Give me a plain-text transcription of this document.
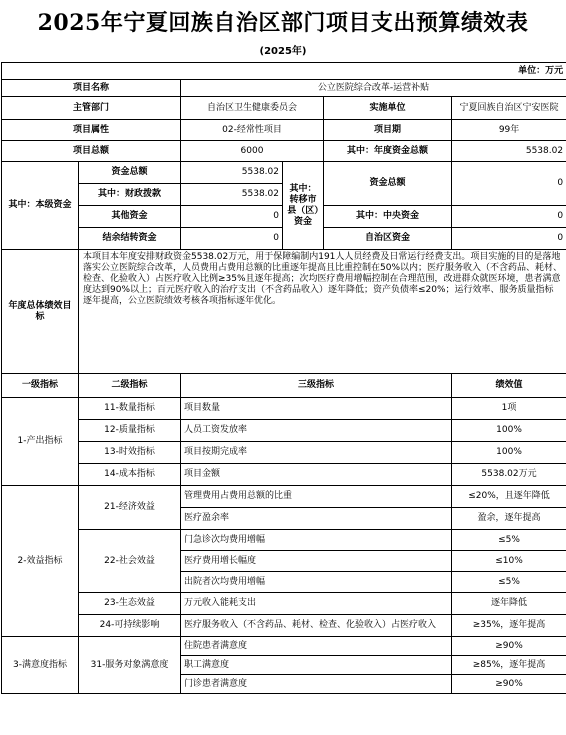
2025年宁夏回族自治区部门项目支出预算绩效表
(2025年)
单位：万元					
项目名称		公立医院综合改革-运营补贴			
主管部门		自治区卫生健康委员会		实施单位	宁夏回族自治区宁安医院
项目属性		02-经常性项目		项目期	99年
项目总额		6000		其中：年度资金总额	5538.02
其中：本级资金	资金总额	5538.02	其中：转移市县（区）资金	资金总额	0
	其中：财政拨款	5538.02			
	其他资金	0		其中：中央资金	0
	结余结转资金	0		自治区资金	0
年度总体绩效目标	本项目本年度安排财政资金5538.02万元，用于保障编制内191人人员经费及日常运行经费支出。项目实施的目的是落地落实公立医院综合改革，人员费用占费用总额的比重逐年提高且比重控制在50%以内；医疗服务收入（不含药品、耗材、检查、化验收入）占医疗收入比例≥35%且逐年提高；次均医疗费用增幅控制在合理范围，改进群众就医环境，患者满意度达到90%以上；百元医疗收入的治疗支出（不含药品收入）逐年降低；资产负债率≤20%；运行效率、服务质量指标逐年提高，公立医院绩效考核各项指标逐年优化。				
一级指标	二级指标	三级指标			绩效值
1-产出指标	11-数量指标	项目数量			1项
	12-质量指标	人员工资发放率			100%
	13-时效指标	项目按期完成率			100%
	14-成本指标	项目金额			5538.02万元
2-效益指标	21-经济效益	管理费用占费用总额的比重			≤20%，且逐年降低
		医疗盈余率			盈余，逐年提高
	22-社会效益	门急诊次均费用增幅			≤5%
		医疗费用增长幅度			≤10%
		出院者次均费用增幅			≤5%
	23-生态效益	万元收入能耗支出			逐年降低
	24-可持续影响	医疗服务收入（不含药品、耗材、检查、化验收入）占医疗收入			≥35%，逐年提高
3-满意度指标	31-服务对象满意度	住院患者满意度			≥90%
		职工满意度			≥85%，逐年提高
		门诊患者满意度			≥90%
